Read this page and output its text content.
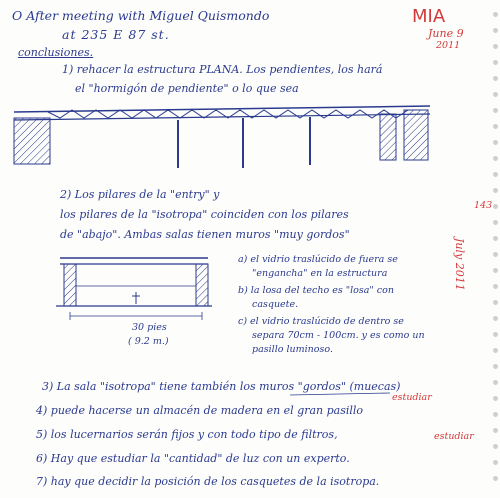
O After meeting with Miguel Quismondo
at 235 E 87 st.
MIA
June 9
2011
conclusiones.
1) rehacer la estructura PLANA. Los pendientes, los hará
el "hormigón de pendiente" o lo que sea
2) Los pilares de la "entry" y
los pilares de la "isotropa" coinciden con los pilares
de "abajo". Ambas salas tienen muros "muy gordos"
143
July 2011
a) el vidrio traslúcido de fuera se
"engancha" en la estructura
b) la losa del techo es "losa" con
casquete.
c) el vidrio traslúcido de dentro se
separa 70cm - 100cm. y es como un
pasillo luminoso.
30 pies
( 9.2 m.)
3) La sala "isotropa" tiene también los muros "gordos" (muecas)
estudiar
4) puede hacerse un almacén de madera en el gran pasillo
5) los lucernarios serán fijos y con todo tipo de filtros,	estudiar
6) Hay que estudiar la "cantidad" de luz con un experto.
7) hay que decidir la posición de los casquetes de la isotropa.
